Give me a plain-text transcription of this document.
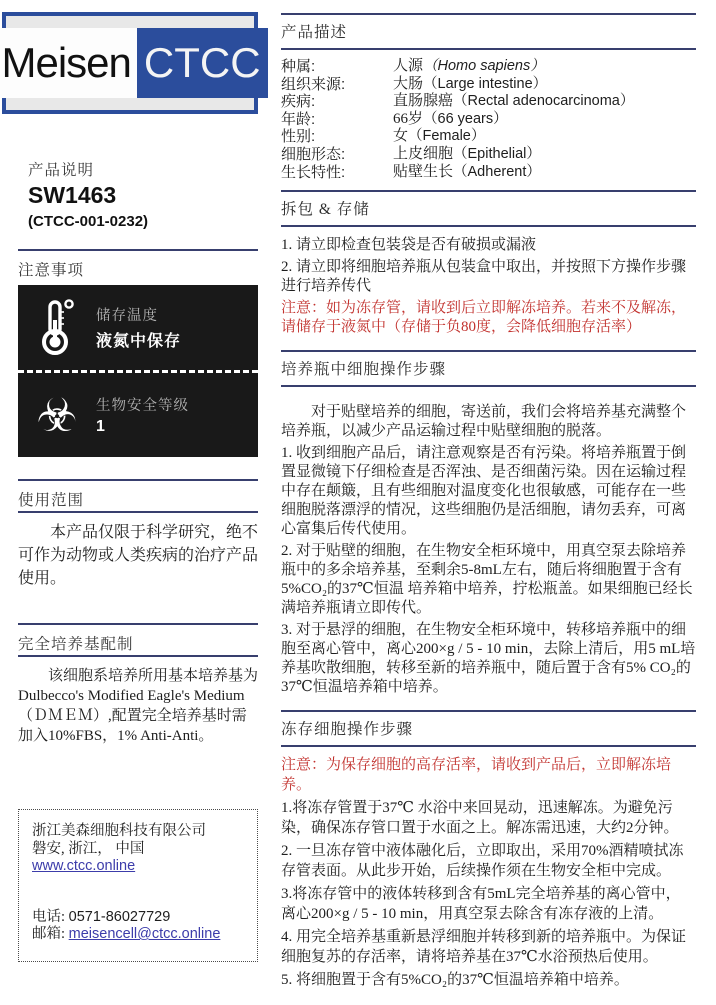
Meisen CTCC
产品说明
SW1463
(CTCC-001-0232)
注意事项
储存温度
液氮中保存
☣ 生物安全等级
1
使用范围
本产品仅限于科学研究，绝不可作为动物或人类疾病的治疗产品使用。
完全培养基配制
该细胞系培养所用基本培养基为Dulbecco's Modified Eagle's Medium（ＤＭＥＭ）,配置完全培养基时需加入10%FBS，1% Anti-Anti。
浙江美森细胞科技有限公司
磐安, 浙江， 中国
www.ctcc.online
电话: 0571-86027729
邮箱: meisencell@ctcc.online
产品描述
种属:	人源（Homo sapiens）
组织来源:	大肠（Large intestine）
疾病:	直肠腺癌（Rectal adenocarcinoma）
年龄:	66岁（66 years）
性别:	女（Female）
细胞形态:	上皮细胞（Epithelial）
生长特性:	贴壁生长（Adherent）
拆包 & 存储

1. 请立即检查包装袋是否有破损或漏液

2. 请立即将细胞培养瓶从包装盒中取出，并按照下方操作步骤进行培养传代

注意：如为冻存管，请收到后立即解冻培养。若来不及解冻，请储存于液氮中（存储于负80度，会降低细胞存活率）

培养瓶中细胞操作步骤

对于贴壁培养的细胞，寄送前，我们会将培养基充满整个培养瓶，以减少产品运输过程中贴壁细胞的脱落。

1. 收到细胞产品后，请注意观察是否有污染。将培养瓶置于倒置显微镜下仔细检查是否浑浊、是否细菌污染。因在运输过程中存在颠簸，且有些细胞对温度变化也很敏感，可能存在一些细胞脱落漂浮的情况，这些细胞仍是活细胞，请勿丢弃，可离心富集后传代使用。

2. 对于贴壁的细胞，在生物安全柜环境中，用真空泵去除培养瓶中的多余培养基，至剩余5-8mL左右，随后将细胞置于含有5%CO₂的37℃恒温 培养箱中培养，拧松瓶盖。如果细胞已经长满培养瓶请立即传代。

3. 对于悬浮的细胞，在生物安全柜环境中，转移培养瓶中的细胞至离心管中，离心200×g / 5 - 10 min，去除上清后，用5 mL培养基吹散细胞，转移至新的培养瓶中，随后置于含有5% CO₂的37℃恒温培养箱中培养。

冻存细胞操作步骤

注意：为保存细胞的高存活率，请收到产品后，立即解冻培养。

1.将冻存管置于37℃ 水浴中来回晃动，迅速解冻。为避免污染，确保冻存管口置于水面之上。解冻需迅速，大约2分钟。

2. 一旦冻存管中液体融化后，立即取出，采用70%酒精喷拭冻存管表面。从此步开始，后续操作须在生物安全柜中完成。

3.将冻存管中的液体转移到含有5mL完全培养基的离心管中， 离心200×g / 5 - 10 min，用真空泵去除含有冻存液的上清。

4. 用完全培养基重新悬浮细胞并转移到新的培养瓶中。为保证细胞复苏的存活率，请将培养基在37℃水浴预热后使用。

5. 将细胞置于含有5%CO₂的37℃恒温培养箱中培养。
